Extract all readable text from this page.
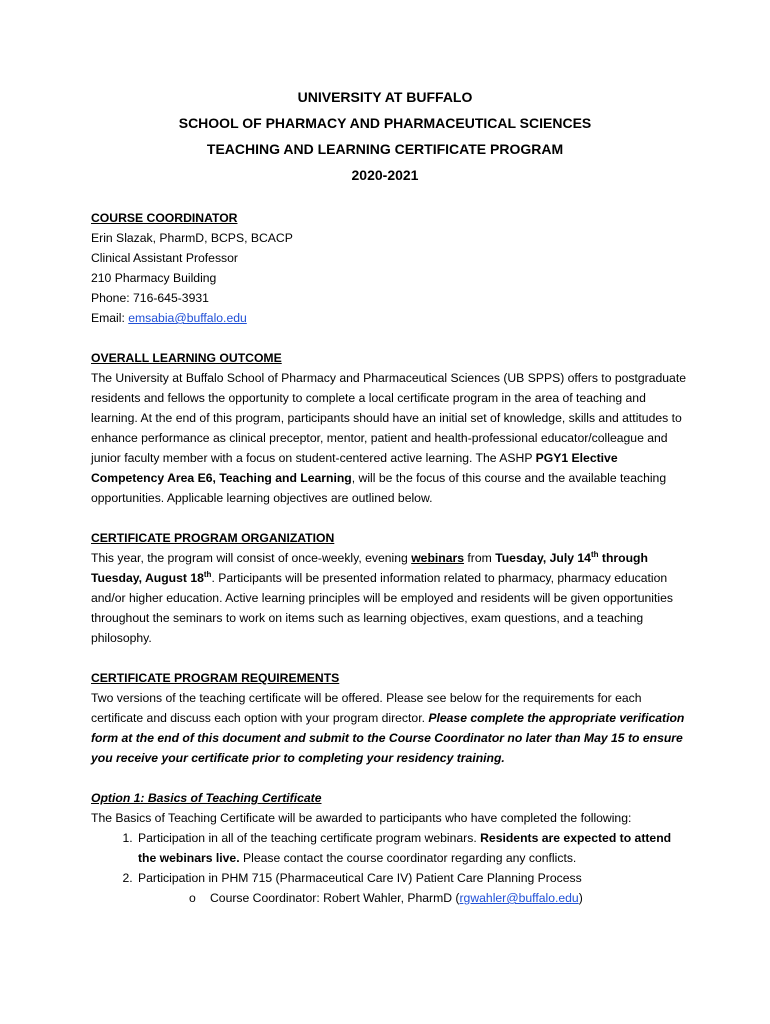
UNIVERSITY AT BUFFALO
SCHOOL OF PHARMACY AND PHARMACEUTICAL SCIENCES
TEACHING AND LEARNING CERTIFICATE PROGRAM
2020-2021
COURSE COORDINATOR
Erin Slazak, PharmD, BCPS, BCACP
Clinical Assistant Professor
210 Pharmacy Building
Phone: 716-645-3931
Email: emsabia@buffalo.edu
OVERALL LEARNING OUTCOME

The University at Buffalo School of Pharmacy and Pharmaceutical Sciences (UB SPPS) offers to postgraduate residents and fellows the opportunity to complete a local certificate program in the area of teaching and learning. At the end of this program, participants should have an initial set of knowledge, skills and attitudes to enhance performance as clinical preceptor, mentor, patient and health-professional educator/colleague and junior faculty member with a focus on student-centered active learning. The ASHP PGY1 Elective Competency Area E6, Teaching and Learning, will be the focus of this course and the available teaching opportunities. Applicable learning objectives are outlined below.

CERTIFICATE PROGRAM ORGANIZATION

This year, the program will consist of once-weekly, evening webinars from Tuesday, July 14th through Tuesday, August 18th. Participants will be presented information related to pharmacy, pharmacy education and/or higher education. Active learning principles will be employed and residents will be given opportunities throughout the seminars to work on items such as learning objectives, exam questions, and a teaching philosophy.

CERTIFICATE PROGRAM REQUIREMENTS

Two versions of the teaching certificate will be offered. Please see below for the requirements for each certificate and discuss each option with your program director. Please complete the appropriate verification form at the end of this document and submit to the Course Coordinator no later than May 15 to ensure you receive your certificate prior to completing your residency training.

Option 1: Basics of Teaching Certificate
The Basics of Teaching Certificate will be awarded to participants who have completed the following:
1. Participation in all of the teaching certificate program webinars. Residents are expected to attend the webinars live. Please contact the course coordinator regarding any conflicts.
2. Participation in PHM 715 (Pharmaceutical Care IV) Patient Care Planning Process
o Course Coordinator: Robert Wahler, PharmD (rgwahler@buffalo.edu)
